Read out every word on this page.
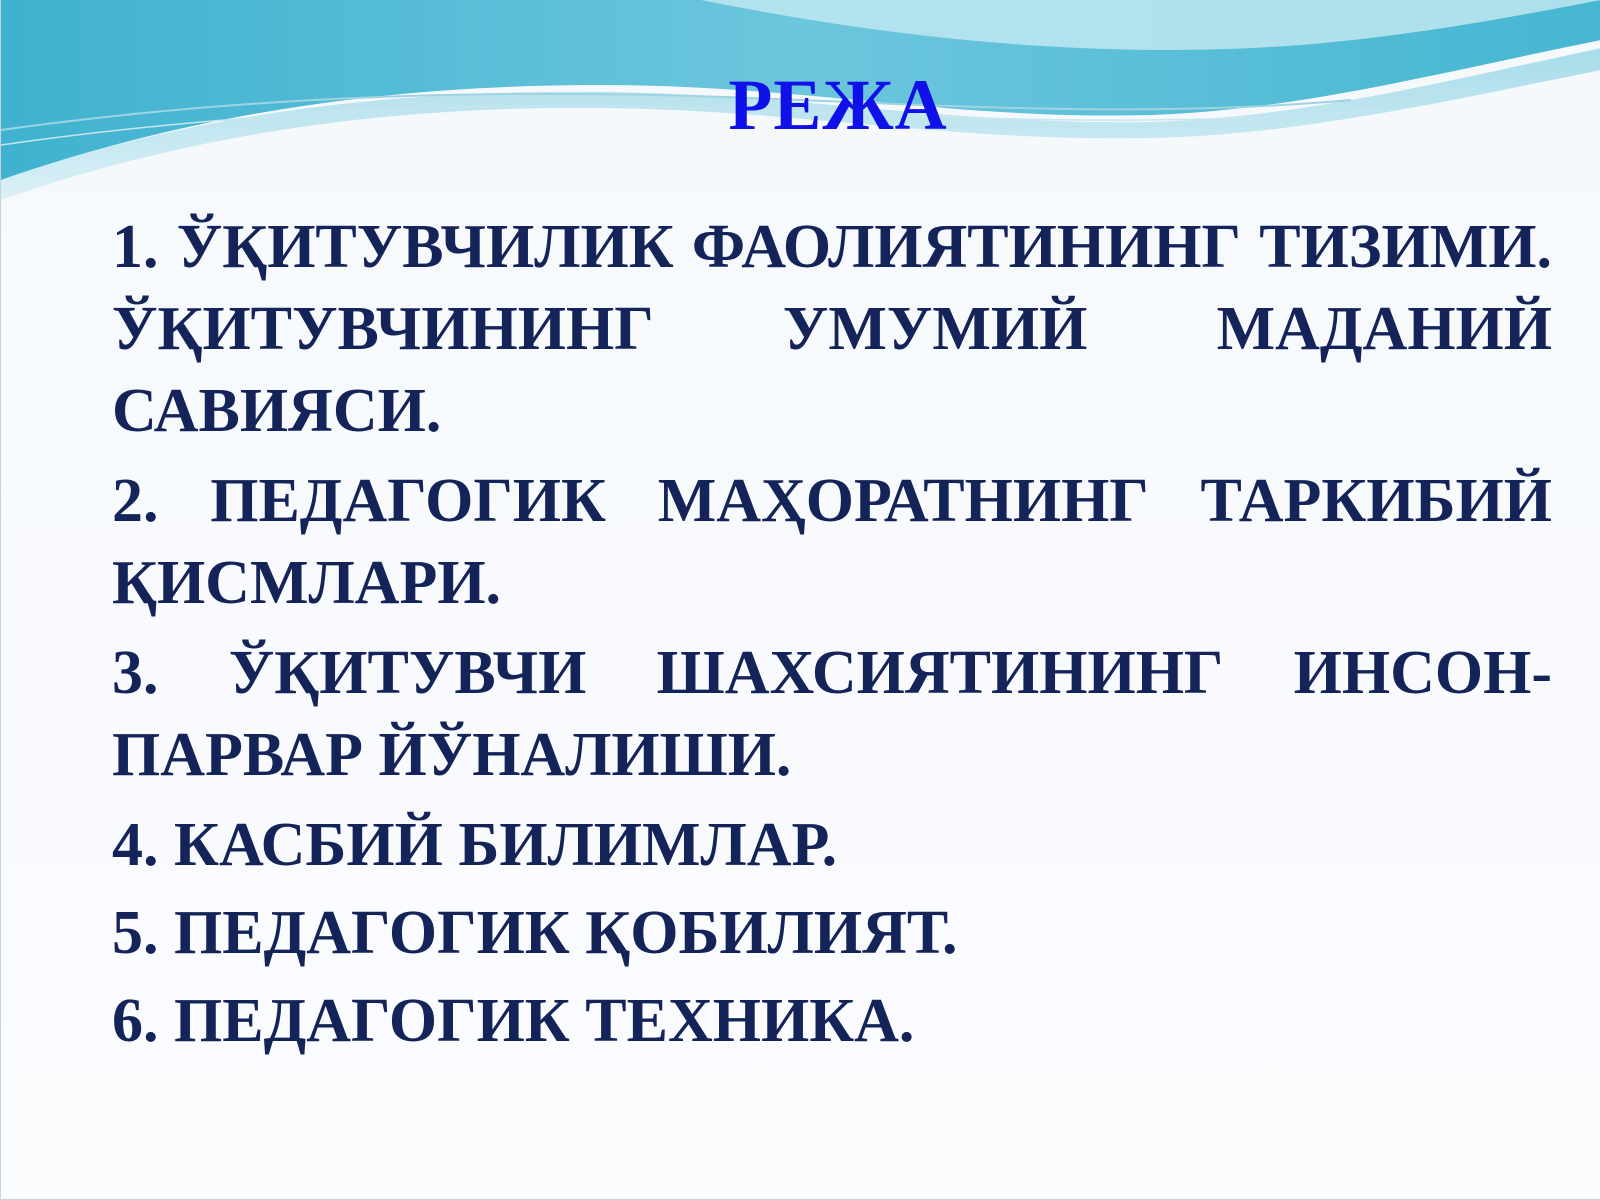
РЕЖА
1. ЎҚИТУВЧИЛИК ФАОЛИЯТИНИНГ ТИЗИМИ. ЎҚИТУВЧИНИНГ УМУМИЙ МАДАНИЙ САВИЯСИ.
2. ПЕДАГОГИК МАҲОРАТНИНГ ТАРКИБИЙ ҚИСМЛАРИ.
3. ЎҚИТУВЧИ ШАХСИЯТИНИНГ ИНСОН-ПАРВАР ЙЎНАЛИШИ.
4. КАСБИЙ БИЛИМЛАР.
5. ПЕДАГОГИК ҚОБИЛИЯТ.
6. ПЕДАГОГИК ТЕХНИКА.
